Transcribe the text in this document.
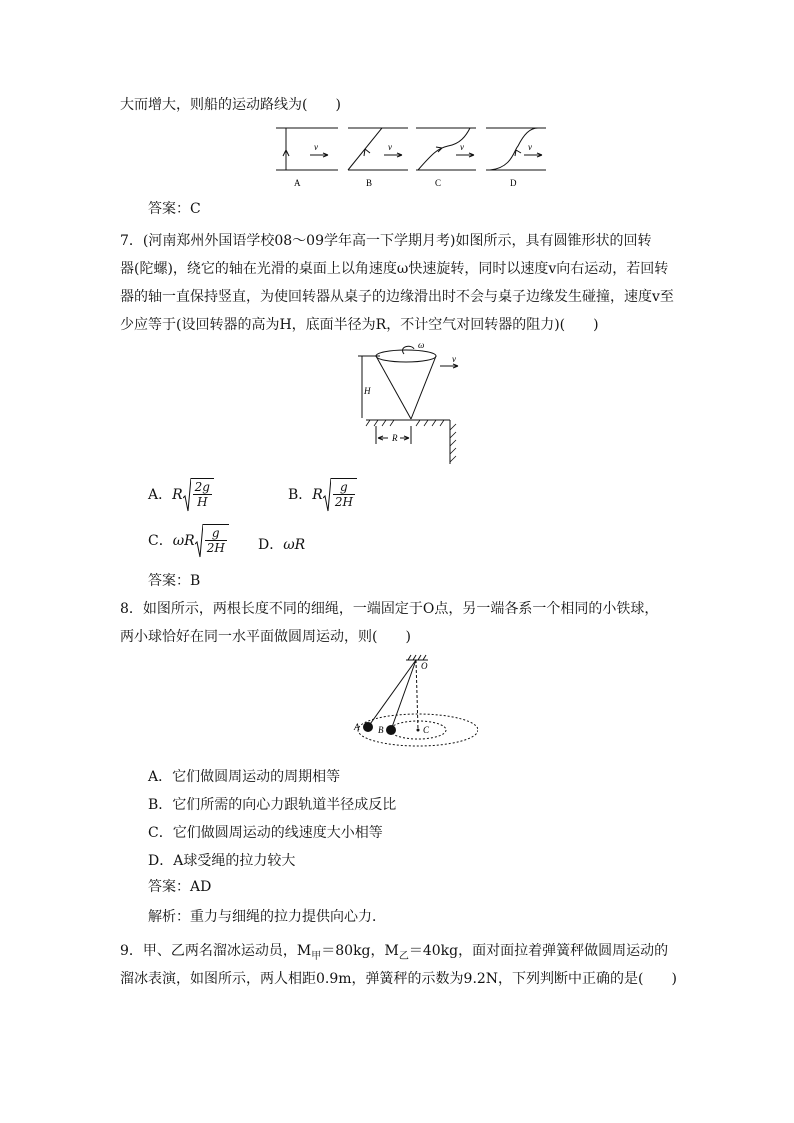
大而增大，则船的运动路线为(　　)
v	v	v	v
A	B	C	D
答案：C
7．(河南郑州外国语学校08～09学年高一下学期月考)如图所示，具有圆锥形状的回转
器(陀螺)，绕它的轴在光滑的桌面上以角速度ω快速旋转，同时以速度v向右运动，若回转
器的轴一直保持竖直，为使回转器从桌子的边缘滑出时不会与桌子边缘发生碰撞，速度v至
少应等于(设回转器的高为H，底面半径为R，不计空气对回转器的阻力)(　　)
H
R
ω
v
A．R $\frac{2g}{H}$	B．R $\frac{g}{2H}$
C．ωR $\frac{g}{2H}$ D．ωR
答案：B
8．如图所示，两根长度不同的细绳，一端固定于O点，另一端各系一个相同的小铁球，
两小球恰好在同一水平面做圆周运动，则(　　)
O
A B	C
A．它们做圆周运动的周期相等
B．它们所需的向心力跟轨道半径成反比
C．它们做圆周运动的线速度大小相等
D．A球受绳的拉力较大
答案：AD
解析：重力与细绳的拉力提供向心力．
9．甲、乙两名溜冰运动员，$M_甲=80kg$，$M_乙=40kg$，面对面拉着弹簧秤做圆周运动的
溜冰表演，如图所示，两人相距0.9m，弹簧秤的示数为9.2N，下列判断中正确的是(　　)
